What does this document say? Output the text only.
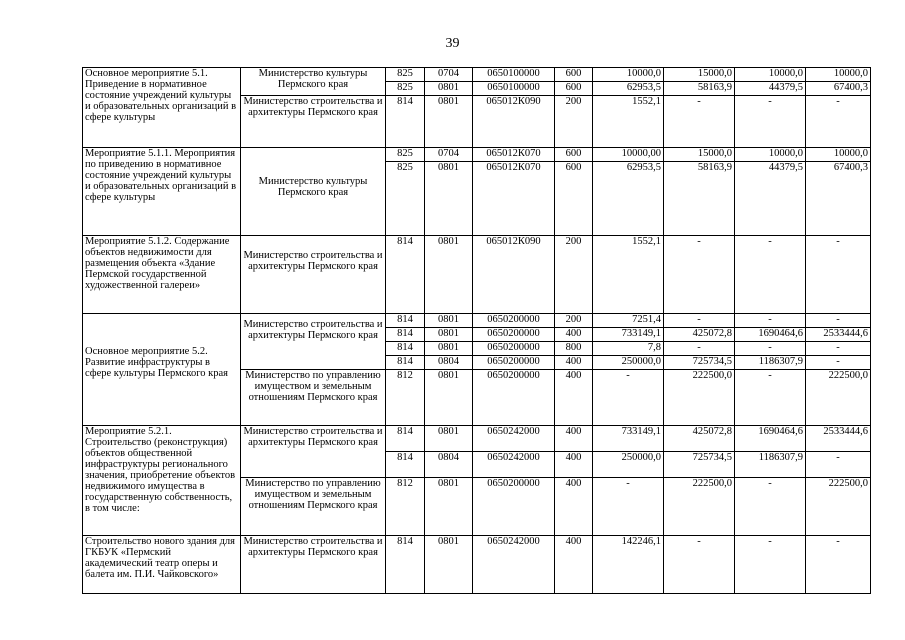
39
Основное мероприятие 5.1. Приведение в нормативное состояние учреждений культуры и образовательных организаций в сфере культуры	Министерство культуры Пермского края	825	0704	0650100000	600	10000,0	15000,0	10000,0	10000,0
		825	0801	0650100000	600	62953,5	58163,9	44379,5	67400,3
	Министерство строительства и архитектуры Пермского края	814	0801	065012К090	200	1552,1	-	-	-
Мероприятие 5.1.1. Мероприятия по приведению в нормативное состояние учреждений культуры и образовательных организаций в сфере культуры	Министерство культуры Пермского края	825	0704	065012К070	600	10000,00	15000,0	10000,0	10000,0
		825	0801	065012К070	600	62953,5	58163,9	44379,5	67400,3
Мероприятие 5.1.2. Содержание объектов недвижимости для размещения объекта «Здание Пермской государственной художественной галереи»	Министерство строительства и архитектуры Пермского края	814	0801	065012К090	200	1552,1	-	-	-
Основное мероприятие 5.2. Развитие инфраструктуры в сфере культуры Пермского края	Министерство строительства и архитектуры Пермского края	814	0801	0650200000	200	7251,4	-	-	-
		814	0801	0650200000	400	733149,1	425072,8	1690464,6	2533444,6
		814	0801	0650200000	800	7,8	-	-	-
		814	0804	0650200000	400	250000,0	725734,5	1186307,9	-
	Министерство по управлению имуществом и земельным отношениям Пермского края	812	0801	0650200000	400	-	222500,0	-	222500,0
Мероприятие 5.2.1. Строительство (реконструкция) объектов общественной инфраструктуры регионального значения, приобретение объектов недвижимого имущества в государственную собственность, в том числе:	Министерство строительства и архитектуры Пермского края	814	0801	0650242000	400	733149,1	425072,8	1690464,6	2533444,6
		814	0804	0650242000	400	250000,0	725734,5	1186307,9	-
	Министерство по управлению имуществом и земельным отношениям Пермского края	812	0801	0650200000	400	-	222500,0	-	222500,0
Строительство нового здания для ГКБУК «Пермский академический театр оперы и балета им. П.И. Чайковского»	Министерство строительства и архитектуры Пермского края	814	0801	0650242000	400	142246,1	-	-	-
